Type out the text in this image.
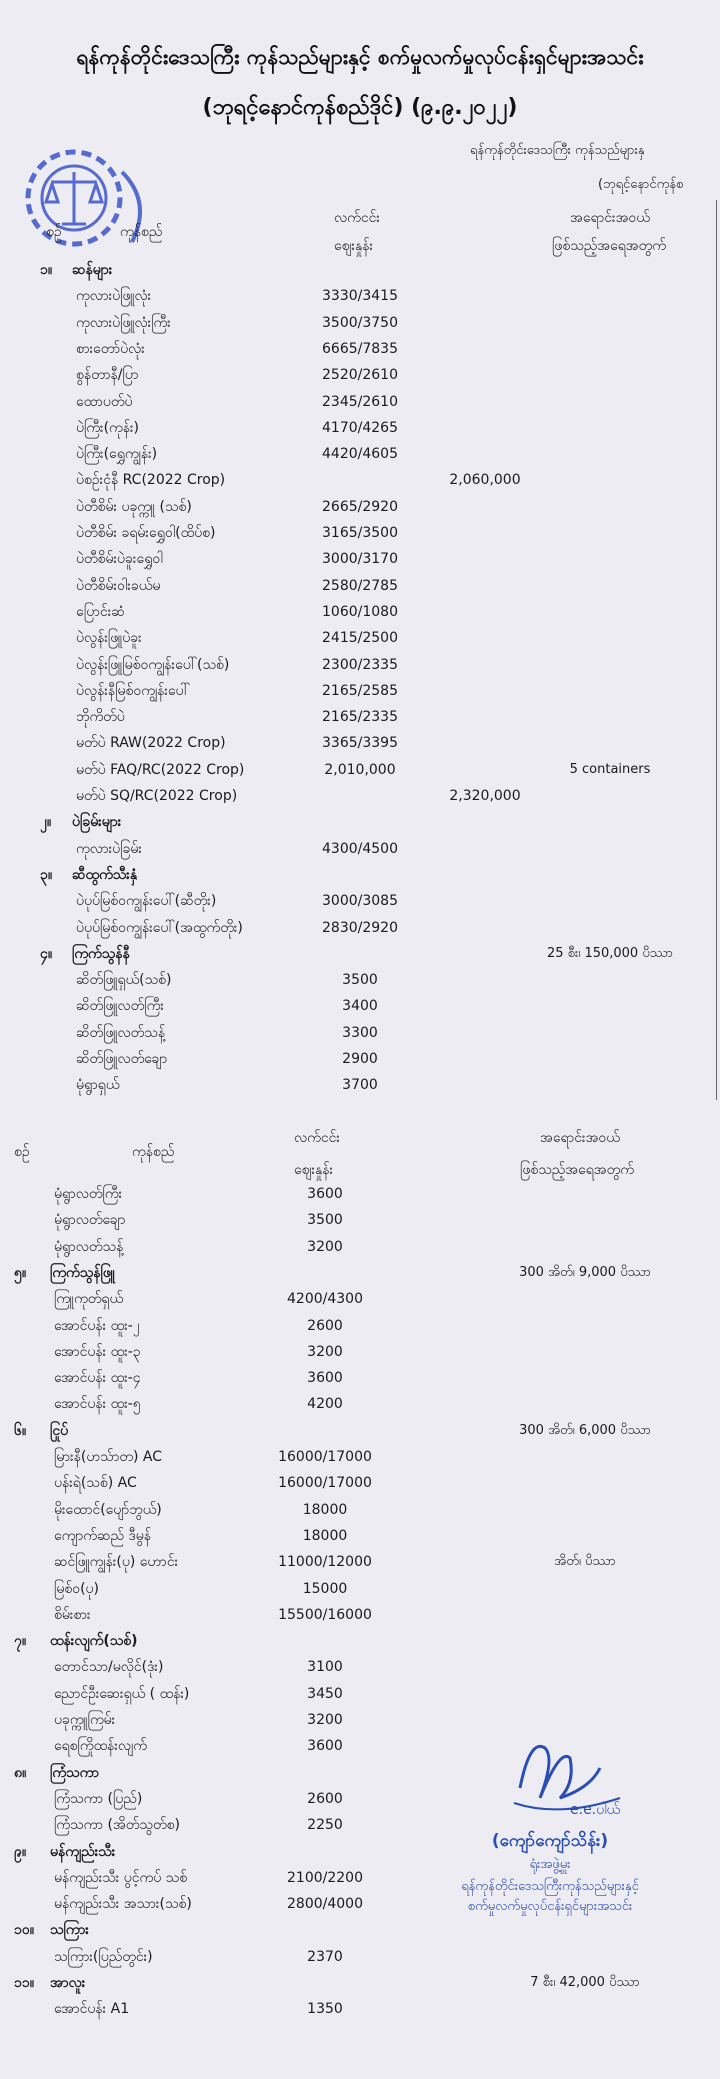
ရန်ကုန်တိုင်းဒေသကြီး ကုန်သည်များနှင့် စက်မှုလက်မှုလုပ်ငန်းရှင်များအသင်း
(ဘုရင့်နောင်ကုန်စည်ဒိုင်) (၉.၉.၂၀၂၂)
ရန်ကုန်တိုင်းဒေသကြီး ကုန်သည်များနှ
(ဘုရင့်နောင်ကုန်စ
စဉ်	ကုန်စည်
လက်ငင်း
ဈေးနှုန်း
အရောင်းအဝယ်
ဖြစ်သည့်အရေအတွက်
၁။ ဆန်များ
ကုလားပဲဖြူလုံး	3330/3415
ကုလားပဲဖြူလုံးကြီး	3500/3750
စားတော်ပဲလုံး	6665/7835
စွန်တာနီ/ပြာ	2520/2610
ထောပတ်ပဲ	2345/2610
ပဲကြီး(ကုန်း)	4170/4265
ပဲကြီး(ရွှေကျွန်း)	4420/4605
ပဲစဉ်းငုံနီ RC(2022 Crop)	2,060,000
ပဲတီစိမ်း ပခုက္ကူ (သစ်)	2665/2920
ပဲတီစိမ်း ခရမ်းရွှေဝါ(ထိပ်စ)	3165/3500
ပဲတီစိမ်းပဲခူးရွှေဝါ	3000/3170
ပဲတီစိမ်းဝါးခယ်မ	2580/2785
ပြောင်းဆံ	1060/1080
ပဲလွန်းဖြူပဲခူး	2415/2500
ပဲလွန်းဖြူမြစ်ဝကျွန်းပေါ်(သစ်)	2300/2335
ပဲလွန်းနီမြစ်ဝကျွန်းပေါ်	2165/2585
ဘိုကိတ်ပဲ	2165/2335
မတ်ပဲ RAW(2022 Crop)	3365/3395
မတ်ပဲ FAQ/RC(2022 Crop)	2,010,000	5 containers
မတ်ပဲ SQ/RC(2022 Crop)	2,320,000
၂။ ပဲခြမ်းများ
ကုလားပဲခြမ်း	4300/4500
၃။ ဆီထွက်သီးနှံ
ပဲပုပ်မြစ်ဝကျွန်းပေါ်(ဆီတိုး)	3000/3085
ပဲပုပ်မြစ်ဝကျွန်းပေါ်(အထွက်တိုး)	2830/2920
၄။ ကြက်သွန်နီ	25 စီး၊ 150,000 ပိဿာ
ဆိတ်ဖြူရှယ်(သစ်)	3500
ဆိတ်ဖြူလတ်ကြီး	3400
ဆိတ်ဖြူလတ်သန့်	3300
ဆိတ်ဖြူလတ်ချော	2900
မုံရွာရှယ်	3700
စဉ်	ကုန်စည်
လက်ငင်း
ဈေးနှုန်း
အရောင်းအဝယ်
ဖြစ်သည့်အရေအတွက်
မုံရွာလတ်ကြီး	3600
မုံရွာလတ်ချော	3500
မုံရွာလတ်သန့်	3200
၅။ ကြက်သွန်ဖြူ	300 အိတ်၊ 9,000 ပိဿာ
ကြူကုတ်ရှယ်	4200/4300
အောင်ပန်း ထူး-၂	2600
အောင်ပန်း ထူး-၃	3200
အောင်ပန်း ထူး-၄	3600
အောင်ပန်း ထူး-၅	4200
၆။ ငြုပ်	300 အိတ်၊ 6,000 ပိဿာ
မြားနီ(ဟသ်ာတ) AC	16000/17000
ပန်းရဲ(သစ်) AC	16000/17000
မိုးထောင်(ပျော်ဘွယ်)	18000
ကျောက်ဆည် ဒီမွန်	18000
ဆင်ဖြူကျွန်း(ပု) ဟောင်း	11000/12000	အိတ်၊ ပိဿာ
မြစ်ဝ(ပု)	15000
စိမ်းစား	15500/16000
၇။ ထန်းလျက်(သစ်)
တောင်သာ/မလိုင်(ဒုံး)	3100
ညောင်ဦးဆေးရှယ် ( ထန်း)	3450
ပခုက္ကူကြမ်း	3200
ရေစကြိုထန်းလျက်	3600
၈။ ကြံသကာ
ကြံသကာ (ပြည်)	2600
ကြံသကာ (အိတ်သွတ်စ)	2250
၉။ မန်ကျည်းသီး
မန်ကျည်းသီး ပွင့်ကပ် သစ်	2100/2200
မန်ကျည်းသီး အသား(သစ်)	2800/4000
၁၀။ သကြား
သကြား(ပြည်တွင်း)	2370
၁၁။ အာလူး	7 စီး၊ 42,000 ပိဿာ
အောင်ပန်း A1	1350
e.e.ပါယ်
(ကျော်ကျော်သိန်း)
ရုံးအဖွဲ့မှူး
ရန်ကုန်တိုင်းဒေသကြီးကုန်သည်များနှင့်
စက်မှုလက်မှုလုပ်ငန်းရှင်များအသင်း
